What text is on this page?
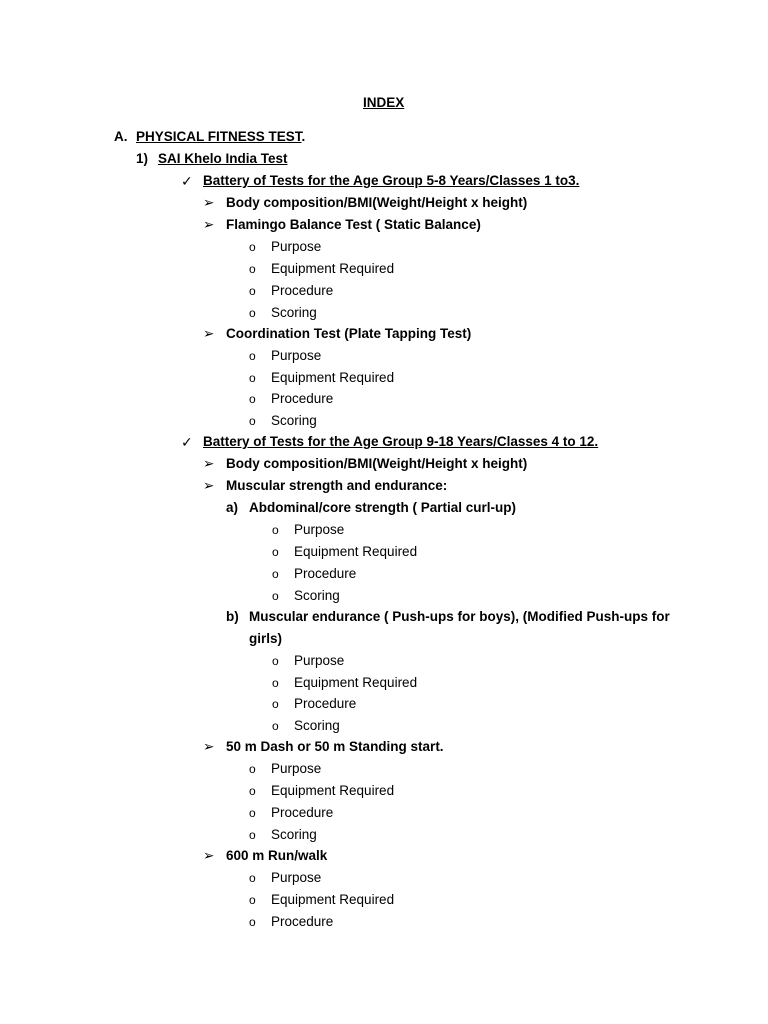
INDEX
A. PHYSICAL FITNESS TEST.
1) SAI Khelo India Test
✓ Battery of Tests for the Age Group 5-8 Years/Classes 1 to3.
➢ Body composition/BMI(Weight/Height x height)
➢ Flamingo Balance Test ( Static Balance)
o Purpose
o Equipment Required
o Procedure
o Scoring
➢ Coordination Test (Plate Tapping Test)
o Purpose
o Equipment Required
o Procedure
o Scoring
✓ Battery of Tests for the Age Group 9-18 Years/Classes 4 to 12.
➢ Body composition/BMI(Weight/Height x height)
➢ Muscular strength and endurance:
a) Abdominal/core strength ( Partial curl-up)
o Purpose
o Equipment Required
o Procedure
o Scoring
b) Muscular endurance ( Push-ups for boys), (Modified Push-ups for
girls)
o Purpose
o Equipment Required
o Procedure
o Scoring
➢ 50 m Dash or 50 m Standing start.
o Purpose
o Equipment Required
o Procedure
o Scoring
➢ 600 m Run/walk
o Purpose
o Equipment Required
o Procedure
